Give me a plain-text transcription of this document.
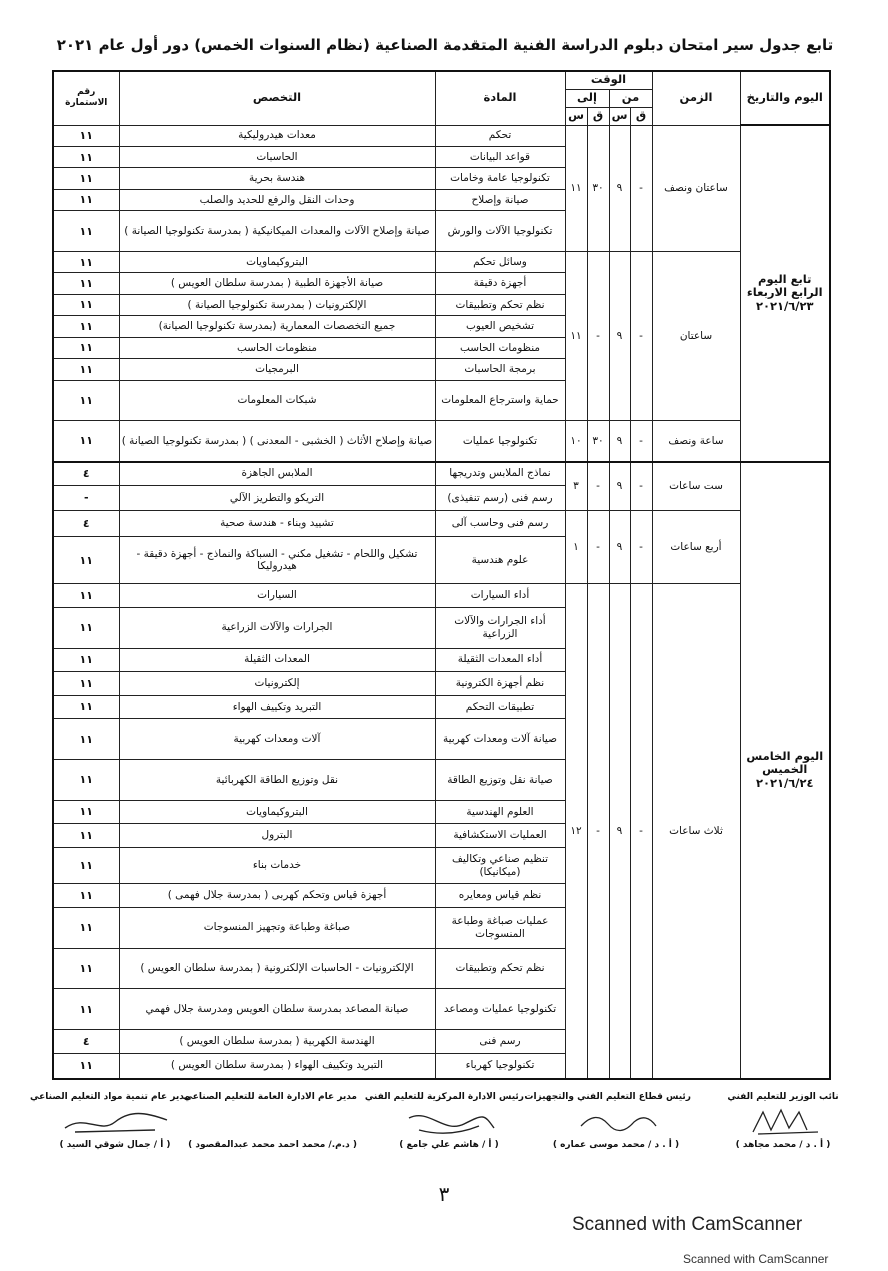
تابع جدول سير امتحان دبلوم الدراسة الفنية المتقدمة الصناعية (نظام السنوات الخمس) دور أول عام ٢٠٢١
اليوم والتاريخ	الزمن	الوقت				المادة	التخصص	رقم الاستمارة
		من		إلى				
		ق	س	ق	س			
تابع اليوم الرابع الاربعاء ٢٠٢١/٦/٢٣	ساعتان ونصف	-	٩	٣٠	١١	تحكم	معدات هيدروليكية	١١
						قواعد البيانات	الحاسبات	١١
						تكنولوجيا عامة وخامات	هندسة بحرية	١١
						صيانة وإصلاح	وحدات النقل والرفع للحديد والصلب	١١
						تكنولوجيا الآلات والورش	صيانة وإصلاح الآلات والمعدات الميكانيكية ( بمدرسة تكنولوجيا الصيانة )	١١
	ساعتان	-	٩	-	١١	وسائل تحكم	البتروكيماويات	١١
						أجهزة دقيقة	صيانة الأجهزة الطبية ( بمدرسة سلطان العويس )	١١
						نظم تحكم وتطبيقات	الإلكترونيات ( بمدرسة تكنولوجيا الصيانة )	١١
						تشخيص العيوب	جميع التخصصات المعمارية (بمدرسة تكنولوجيا الصيانة)	١١
						منظومات الحاسب	منظومات الحاسب	١١
						برمجة الحاسبات	البرمجيات	١١
						حماية واسترجاع المعلومات	شبكات المعلومات	١١
	ساعة ونصف	-	٩	٣٠	١٠	تكنولوجيا عمليات	صيانة وإصلاح الأثاث ( الخشبى - المعدنى ) ( بمدرسة تكنولوجيا الصيانة )	١١
اليوم الخامس الخميس ٢٠٢١/٦/٢٤	ست ساعات	-	٩	-	٣	نماذج الملابس وتدريجها	الملابس الجاهزة	٤
						رسم فنى (رسم تنفيذى)	التريكو والتطريز الآلي	-
	أربع ساعات	-	٩	-	١	رسم فنى وحاسب آلى	تشييد وبناء - هندسة صحية	٤
						علوم هندسية	تشكيل واللحام - تشغيل مكني - السباكة والنماذج - أجهزة دقيقة - هيدروليكا	١١
	ثلاث ساعات	-	٩	-	١٢	أداء السيارات	السيارات	١١
						أداء الجرارات والآلات الزراعية	الجرارات والآلات الزراعية	١١
						أداء المعدات الثقيلة	المعدات الثقيلة	١١
						نظم أجهزة الكترونية	إلكترونيات	١١
						تطبيقات التحكم	التبريد وتكييف الهواء	١١
						صيانة آلات ومعدات كهربية	آلات ومعدات كهربية	١١
						صيانة نقل وتوزيع الطاقة	نقل وتوزيع الطاقة الكهربائية	١١
						العلوم الهندسية	البتروكيماويات	١١
						العمليات الاستكشافية	البترول	١١
						تنظيم صناعي وتكاليف (ميكانيكا)	خدمات بناء	١١
						نظم قياس ومعايره	أجهزة قياس وتحكم كهربى ( بمدرسة جلال فهمى )	١١
						عمليات صباغة وطباعة المنسوجات	صباغة وطباعة وتجهيز المنسوجات	١١
						نظم تحكم وتطبيقات	الإلكترونيات - الحاسبات الإلكترونية ( بمدرسة سلطان العويس )	١١
						تكنولوجيا عمليات ومصاعد	صيانة المصاعد بمدرسة سلطان العويس ومدرسة جلال فهمي	١١
						رسم فنى	الهندسة الكهربية ( بمدرسة سلطان العويس )	٤
						تكنولوجيا كهرباء	التبريد وتكييف الهواء ( بمدرسة سلطان العويس )	١١
مدير عام تنمية مواد التعليم الصناعي
( أ / جمال شوقي السيد )
مدير عام الادارة العامة للتعليم الصناعي
( د.م./ محمد احمد محمد عبدالمقصود )
رئيس الادارة المركزية للتعليم الفني
( أ / هاشم علي جامع )
رئيس قطاع التعليم الفني والتجهيزات
( أ . د / محمد موسى عماره )
نائب الوزير للتعليم الفني
( أ . د / محمد مجاهد )
٣
Scanned with CamScanner
Scanned with CamScanner
